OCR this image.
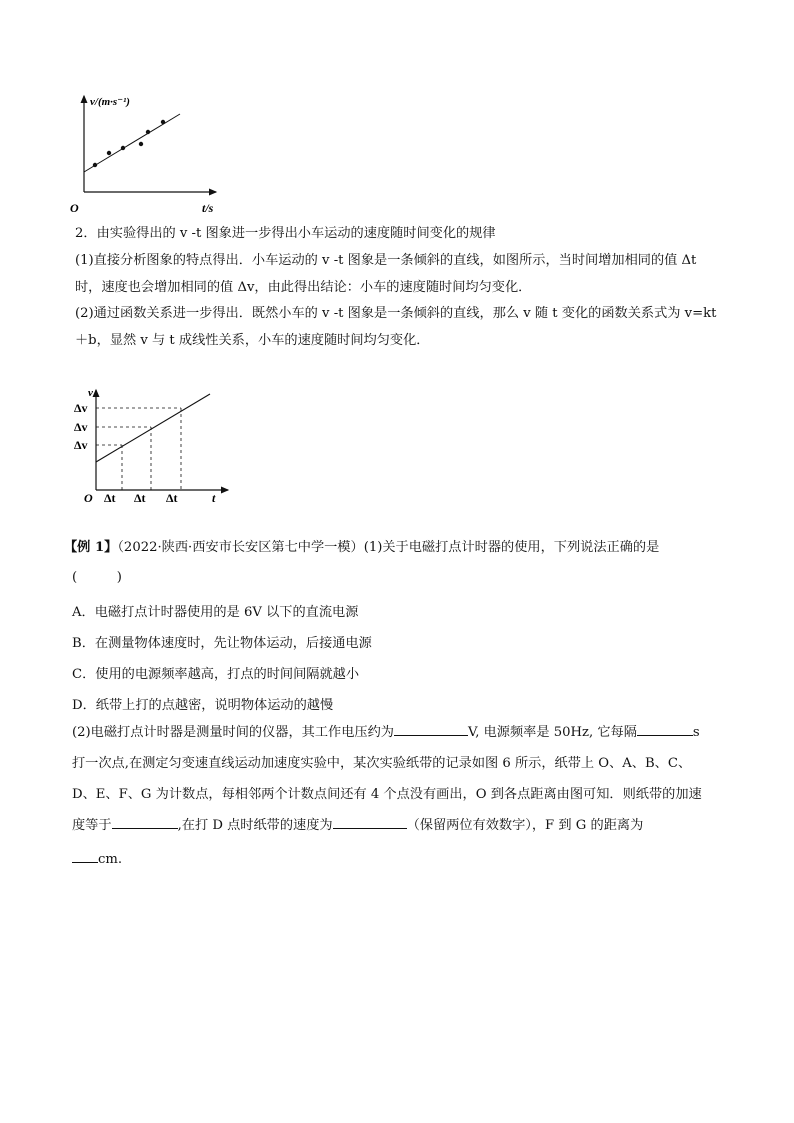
v/(m·s⁻¹)
t/s
O
2．由实验得出的 v -t 图象进一步得出小车运动的速度随时间变化的规律
(1)直接分析图象的特点得出．小车运动的 v -t 图象是一条倾斜的直线，如图所示，当时间增加相同的值 Δt
时，速度也会增加相同的值 Δv，由此得出结论：小车的速度随时间均匀变化．
(2)通过函数关系进一步得出．既然小车的 v -t 图象是一条倾斜的直线，那么 v 随 t 变化的函数关系式为 v=kt
＋b，显然 v 与 t 成线性关系，小车的速度随时间均匀变化．
v
t
O
Δv
Δv
Δv
Δt Δt Δt
【例 1】（2022·陕西·西安市长安区第七中学一模）(1)关于电磁打点计时器的使用，下列说法正确的是
(　　　)
A．电磁打点计时器使用的是 6V 以下的直流电源
B．在测量物体速度时，先让物体运动，后接通电源
C．使用的电源频率越高，打点的时间间隔就越小
D．纸带上打的点越密，说明物体运动的越慢
(2)电磁打点计时器是测量时间的仪器，其工作电压约为	V, 电源频率是 50Hz, 它每隔	s
打一次点,在测定匀变速直线运动加速度实验中，某次实验纸带的记录如图 6 所示，纸带上 O、A、B、C、
D、E、F、G 为计数点，每相邻两个计数点间还有 4 个点没有画出，O 到各点距离由图可知．则纸带的加速
度等于	,在打 D 点时纸带的速度为	（保留两位有效数字），F 到 G 的距离为
cm.
